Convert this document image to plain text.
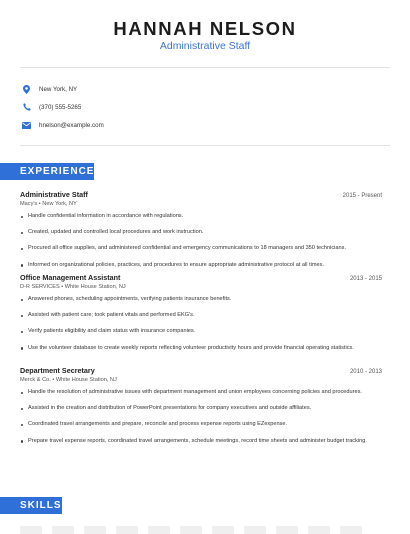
HANNAH NELSON
Administrative Staff
New York, NY
(370) 555-5265
hnelson@example.com
EXPERIENCE
Administrative Staff	2015 - Present
Macy's • New York, NY
Handle confidential information in accordance with regulations.
Created, updated and controlled local procedures and work instruction.
Procured all office supplies, and administered confidential and emergency communications to 18 managers and 350 technicians.
Informed on organizational policies, practices, and procedures to ensure appropriate administrative protocol at all times.
Office Management Assistant	2013 - 2015
D-R SERVICES • White House Station, NJ
Answered phones, scheduling appointments, verifying patients insurance benefits.
Assisted with patient care; took patient vitals and performed EKG's.
Verify patients eligibility and claim status with insurance companies.
Use the volunteer database to create weekly reports reflecting volunteer productivity hours and provide financial operating statistics.
Department Secretary	2010 - 2013
Merck & Co. • White House Station, NJ
Handle the resolution of administrative issues with department management and union employees concerning policies and procedures.
Assisted in the creation and distribution of PowerPoint presentations for company executives and outside affiliates.
Coordinated travel arrangements and prepare, reconcile and process expense reports using EZexpense.
Prepare travel expense reports, coordinated travel arrangements, schedule meetings, record time sheets and administer budget tracking.
SKILLS
